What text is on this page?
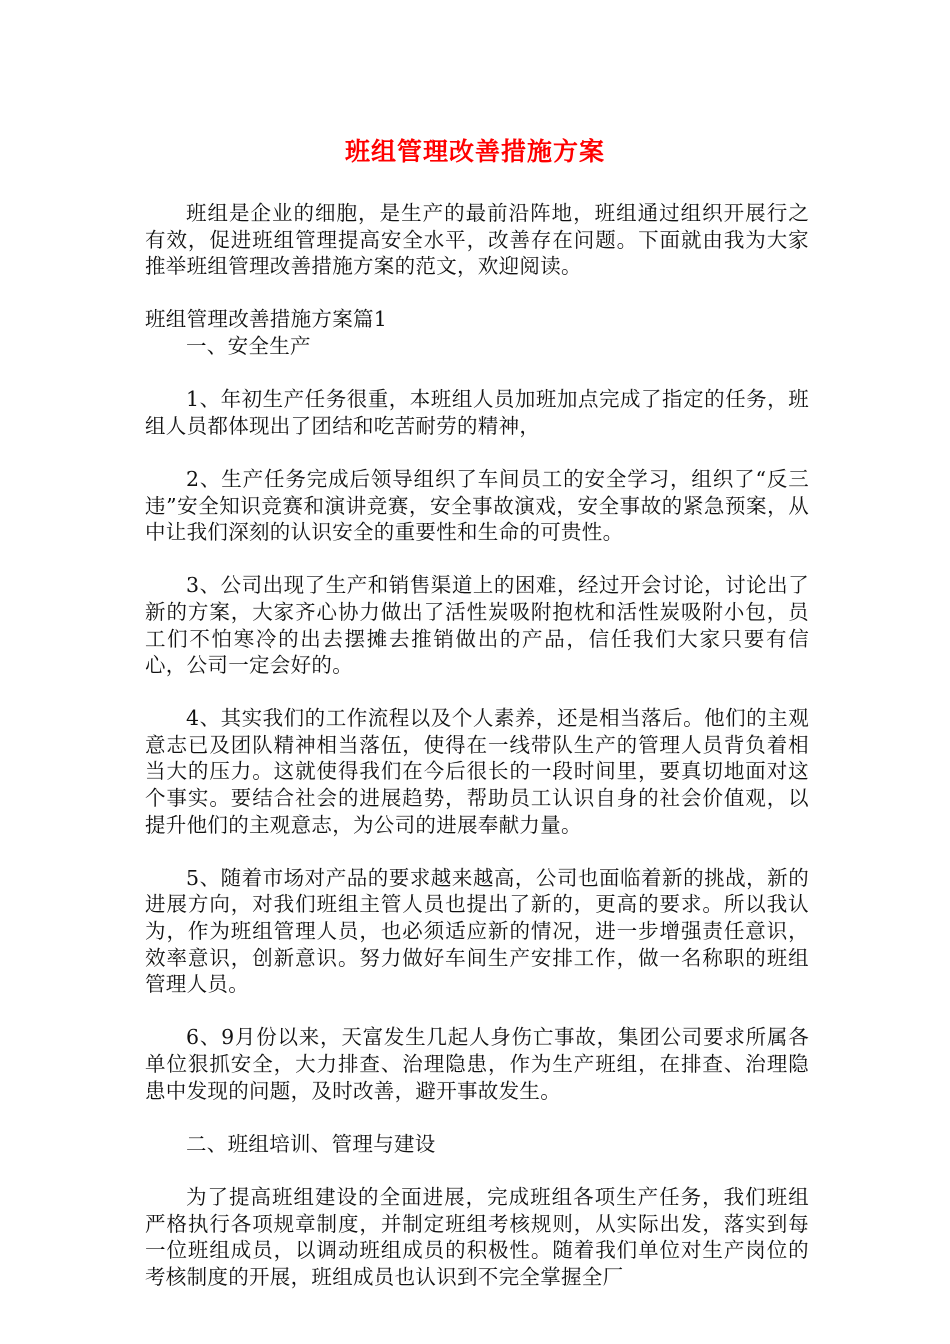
班组管理改善措施方案

班组是企业的细胞，是生产的最前沿阵地，班组通过组织开展行之有效，促进班组管理提高安全水平，改善存在问题。下面就由我为大家推举班组管理改善措施方案的范文，欢迎阅读。

班组管理改善措施方案篇1

一、安全生产

1、年初生产任务很重，本班组人员加班加点完成了指定的任务，班组人员都体现出了团结和吃苦耐劳的精神，

2、生产任务完成后领导组织了车间员工的安全学习，组织了“反三违”安全知识竞赛和演讲竞赛，安全事故演戏，安全事故的紧急预案，从中让我们深刻的认识安全的重要性和生命的可贵性。

3、公司出现了生产和销售渠道上的困难，经过开会讨论，讨论出了新的方案，大家齐心协力做出了活性炭吸附抱枕和活性炭吸附小包，员工们不怕寒冷的出去摆摊去推销做出的产品，信任我们大家只要有信心，公司一定会好的。

4、其实我们的工作流程以及个人素养，还是相当落后。他们的主观意志已及团队精神相当落伍，使得在一线带队生产的管理人员背负着相当大的压力。这就使得我们在今后很长的一段时间里，要真切地面对这个事实。要结合社会的进展趋势，帮助员工认识自身的社会价值观，以提升他们的主观意志，为公司的进展奉献力量。

5、随着市场对产品的要求越来越高，公司也面临着新的挑战，新的进展方向，对我们班组主管人员也提出了新的，更高的要求。所以我认为，作为班组管理人员，也必须适应新的情况，进一步增强责任意识，效率意识，创新意识。努力做好车间生产安排工作，做一名称职的班组管理人员。

6、9月份以来，天富发生几起人身伤亡事故，集团公司要求所属各单位狠抓安全，大力排查、治理隐患，作为生产班组，在排查、治理隐患中发现的问题，及时改善，避开事故发生。

二、班组培训、管理与建设

为了提高班组建设的全面进展，完成班组各项生产任务，我们班组严格执行各项规章制度，并制定班组考核规则，从实际出发，落实到每一位班组成员，以调动班组成员的积极性。随着我们单位对生产岗位的考核制度的开展，班组成员也认识到不完全掌握全厂
